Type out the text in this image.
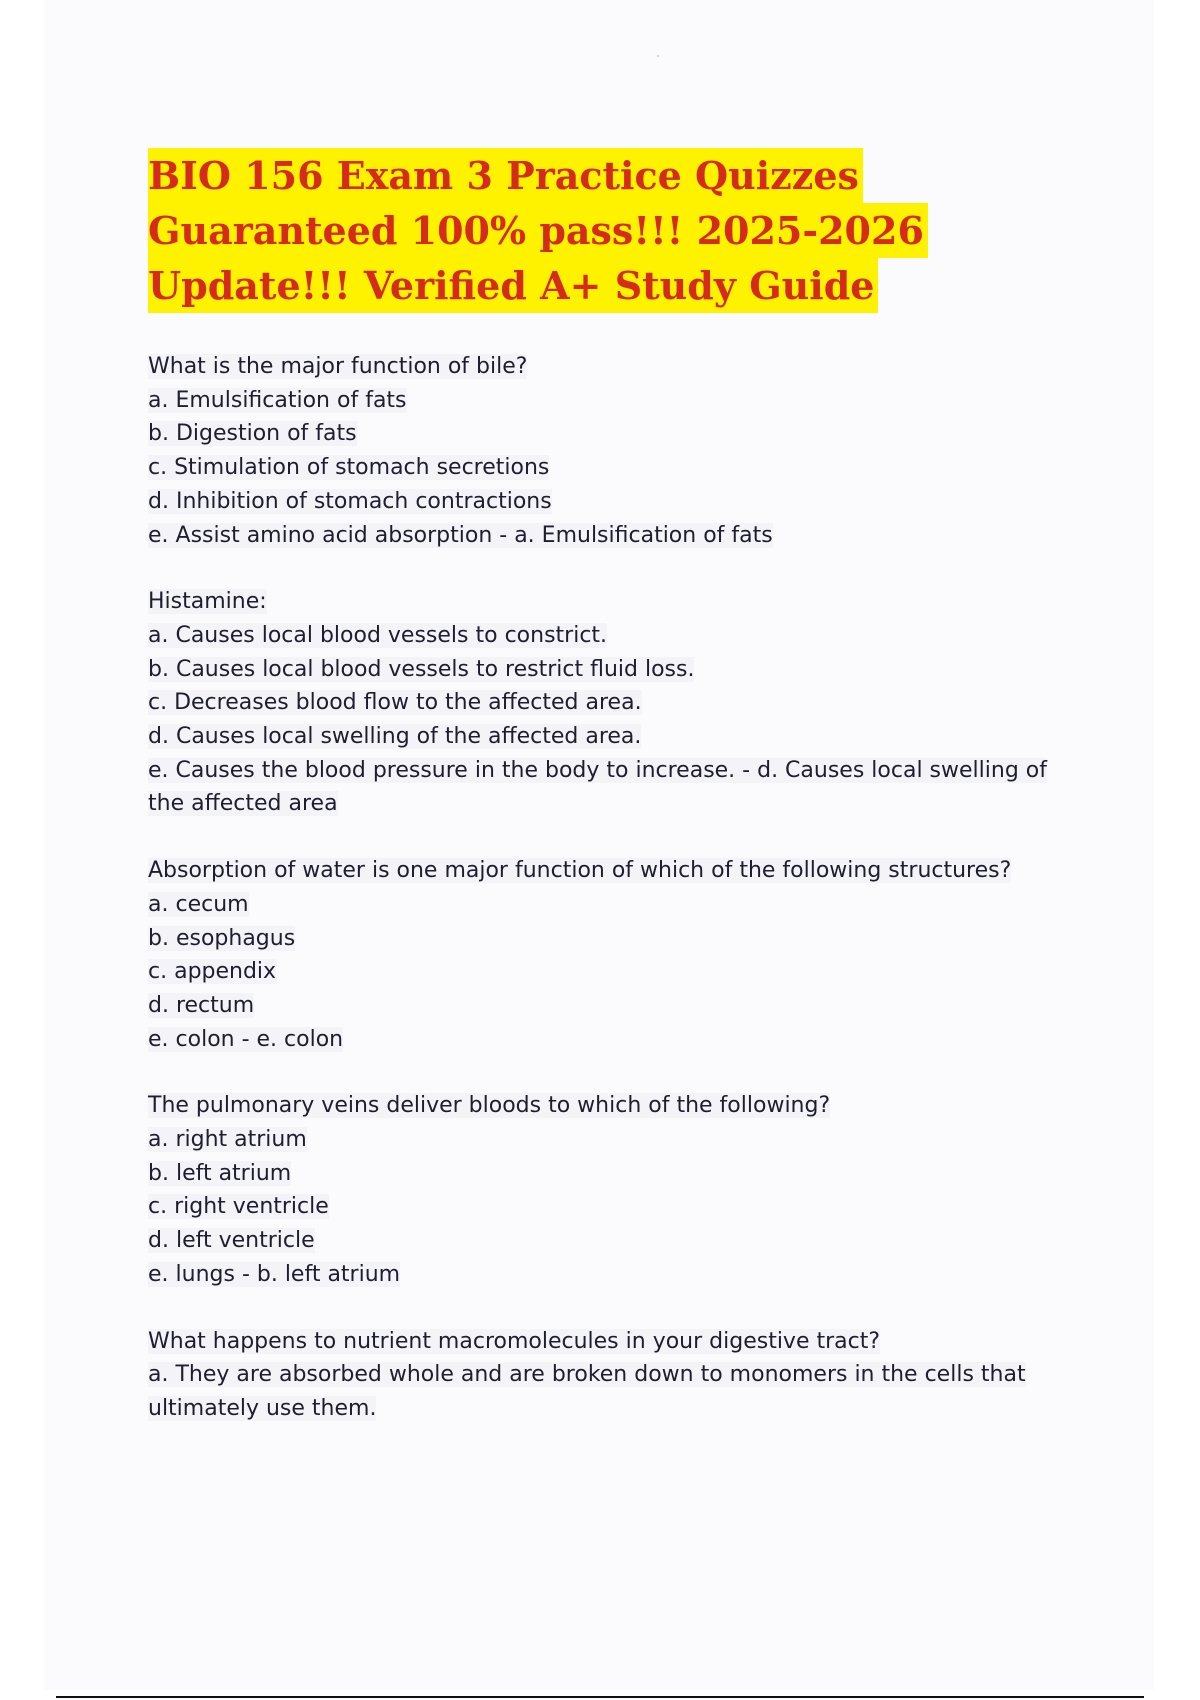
BIO 156 Exam 3 Practice Quizzes
Guaranteed 100% pass!!! 2025-2026
Update!!! Verified A+ Study Guide
What is the major function of bile?
a. Emulsification of fats
b. Digestion of fats
c. Stimulation of stomach secretions
d. Inhibition of stomach contractions
e. Assist amino acid absorption - a. Emulsification of fats
Histamine:
a. Causes local blood vessels to constrict.
b. Causes local blood vessels to restrict fluid loss.
c. Decreases blood flow to the affected area.
d. Causes local swelling of the affected area.
e. Causes the blood pressure in the body to increase. - d. Causes local swelling of
the affected area
Absorption of water is one major function of which of the following structures?
a. cecum
b. esophagus
c. appendix
d. rectum
e. colon - e. colon
The pulmonary veins deliver bloods to which of the following?
a. right atrium
b. left atrium
c. right ventricle
d. left ventricle
e. lungs - b. left atrium
What happens to nutrient macromolecules in your digestive tract?
a. They are absorbed whole and are broken down to monomers in the cells that
ultimately use them.
